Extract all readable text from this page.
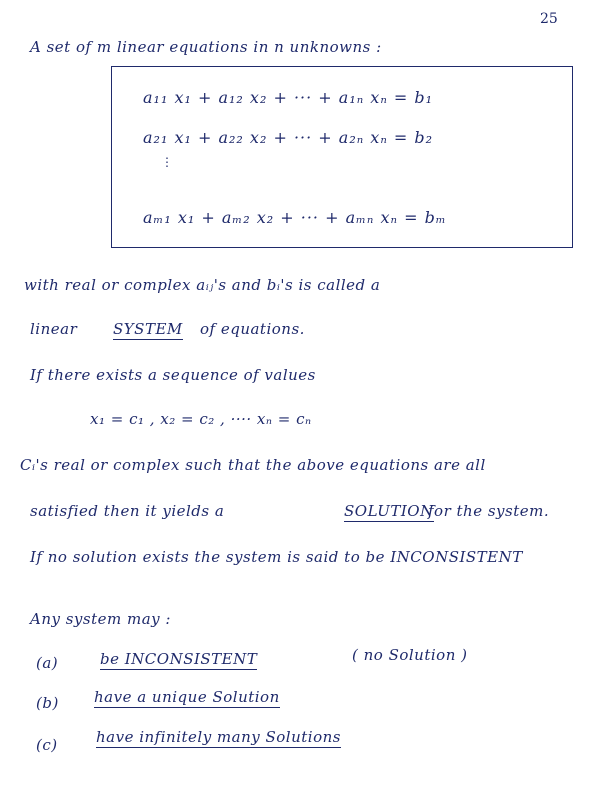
25
A set of m linear equations in n unknowns :
a₁₁ x₁ + a₁₂ x₂ + ··· + a₁ₙ xₙ = b₁
a₂₁ x₁ + a₂₂ x₂ + ··· + a₂ₙ xₙ = b₂
⋮
aₘ₁ x₁ + aₘ₂ x₂ + ··· + aₘₙ xₙ = bₘ
with real or complex aᵢⱼ's and bᵢ's is called a
linear SYSTEM of equations.
If there exists a sequence of values
x₁ = c₁ , x₂ = c₂ , ···· xₙ = cₙ
Cᵢ's real or complex such that the above equations are all
satisfied then it yields a	SOLUTION
for the system.
If no solution exists the system is said to be INCONSISTENT
Any system may :
(a)	be INCONSISTENT	( no Solution )
(b) have a unique Solution
(c)	have infinitely many Solutions
